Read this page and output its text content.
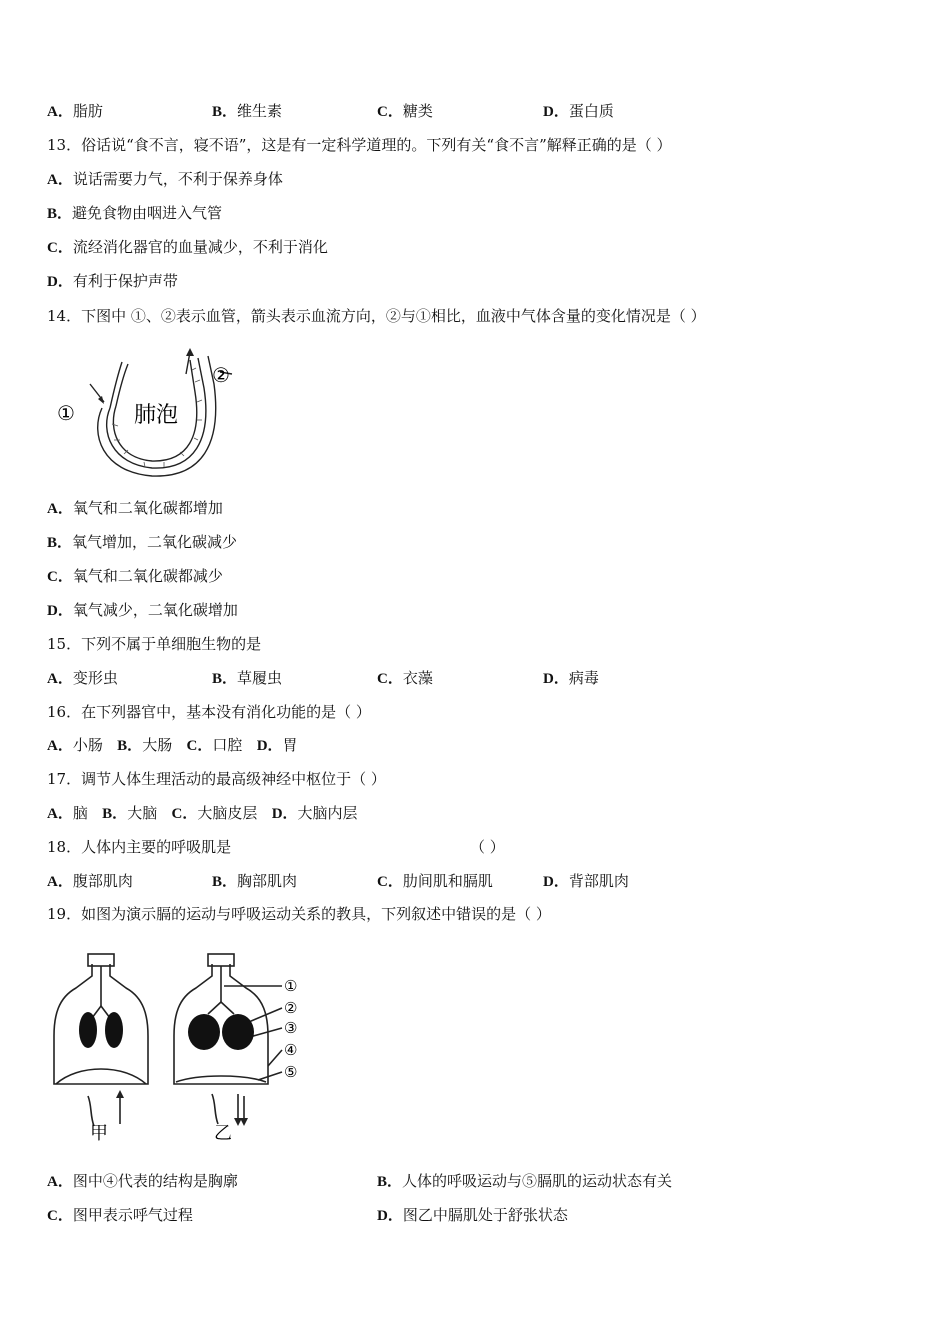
A．脂肪	B．维生素	C．糖类	D．蛋白质
13．俗话说“食不言，寝不语”，这是有一定科学道理的。下列有关“食不言”解释正确的是（ ）
A．说话需要力气，不利于保养身体
B．避免食物由咽进入气管
C．流经消化器官的血量减少，不利于消化
D．有利于保护声带
14．下图中 ①、②表示血管，箭头表示血流方向，②与①相比，血液中气体含量的变化情况是（ ）
①
②
肺泡
A．氧气和二氧化碳都增加
B．氧气增加，二氧化碳减少
C．氧气和二氧化碳都减少
D．氧气减少，二氧化碳增加
15．下列不属于单细胞生物的是
A．变形虫	B．草履虫	C．衣藻	D．病毒
16．在下列器官中，基本没有消化功能的是（ ）
A．小肠 B．大肠 C．口腔 D．胃
17．调节人体生理活动的最高级神经中枢位于（ ）
A．脑 B．大脑 C．大脑皮层 D．大脑内层
18．人体内主要的呼吸肌是	（ ）
A．腹部肌肉	B．胸部肌肉	C．肋间肌和膈肌	D．背部肌肉
19．如图为演示膈的运动与呼吸运动关系的教具，下列叙述中错误的是（ ）
①
②
③
④
⑤
甲	乙
A．图中④代表的结构是胸廓	B．人体的呼吸运动与⑤膈肌的运动状态有关
C．图甲表示呼气过程	D．图乙中膈肌处于舒张状态
